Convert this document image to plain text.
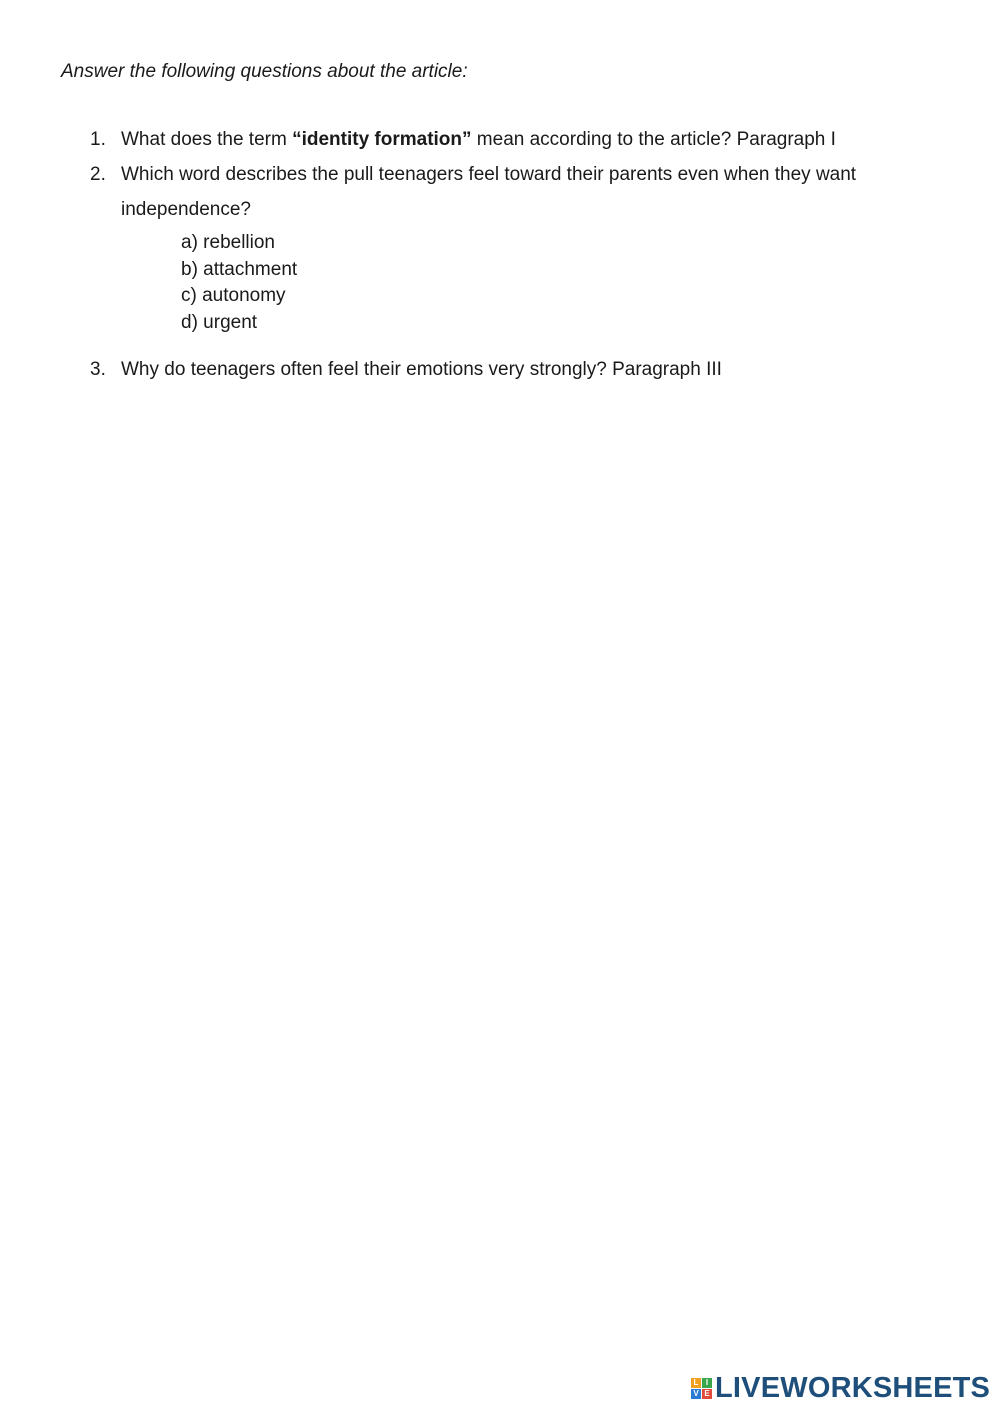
Answer the following questions about the article:

1. What does the term “identity formation” mean according to the article? Paragraph I
2. Which word describes the pull teenagers feel toward their parents even when they want independence?
a) rebellion
b) attachment
c) autonomy
d) urgent
3. Why do teenagers often feel their emotions very strongly? Paragraph III
L I
V E LIVEWORKSHEETS
